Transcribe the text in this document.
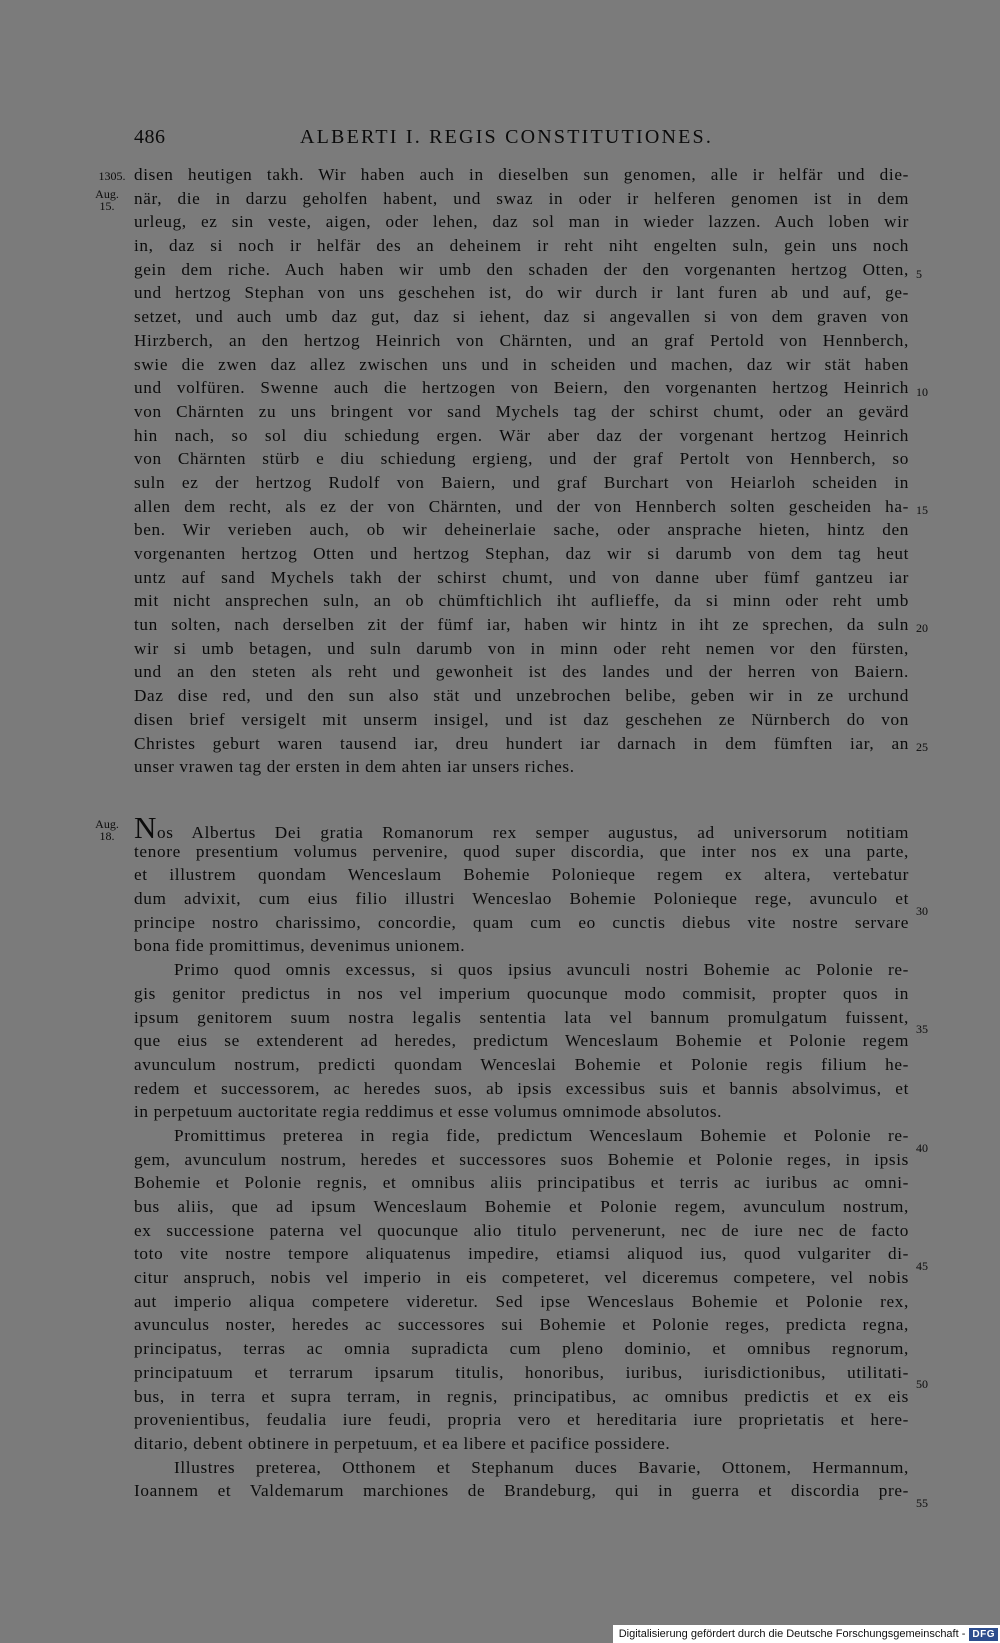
486	ALBERTI I. REGIS CONSTITUTIONES.
1305.
Aug. 15.
Aug. 18.
5
10
15
20
25
30
35
40
45
50
55
disen heutigen takh. Wir haben auch in dieselben sun genomen, alle ir helfär und die-
när, die in darzu geholfen habent, und swaz in oder ir helferen genomen ist in dem
urleug, ez sin veste, aigen, oder lehen, daz sol man in wieder lazzen. Auch loben wir
in, daz si noch ir helfär des an deheinem ir reht niht engelten suln, gein uns noch
gein dem riche. Auch haben wir umb den schaden der den vorgenanten hertzog Otten,
und hertzog Stephan von uns geschehen ist, do wir durch ir lant furen ab und auf, ge-
setzet, und auch umb daz gut, daz si iehent, daz si angevallen si von dem graven von
Hirzberch, an den hertzog Heinrich von Chärnten, und an graf Pertold von Hennberch,
swie die zwen daz allez zwischen uns und in scheiden und machen, daz wir stät haben
und volfüren. Swenne auch die hertzogen von Beiern, den vorgenanten hertzog Heinrich
von Chärnten zu uns bringent vor sand Mychels tag der schirst chumt, oder an gevärd
hin nach, so sol diu schiedung ergen. Wär aber daz der vorgenant hertzog Heinrich
von Chärnten stürb e diu schiedung ergieng, und der graf Pertolt von Hennberch, so
suln ez der hertzog Rudolf von Baiern, und graf Burchart von Heiarloh scheiden in
allen dem recht, als ez der von Chärnten, und der von Hennberch solten gescheiden ha-
ben. Wir verieben auch, ob wir deheinerlaie sache, oder ansprache hieten, hintz den
vorgenanten hertzog Otten und hertzog Stephan, daz wir si darumb von dem tag heut
untz auf sand Mychels takh der schirst chumt, und von danne uber fümf gantzeu iar
mit nicht ansprechen suln, an ob chümftichlich iht auflieffe, da si minn oder reht umb
tun solten, nach derselben zit der fümf iar, haben wir hintz in iht ze sprechen, da suln
wir si umb betagen, und suln darumb von in minn oder reht nemen vor den fürsten,
und an den steten als reht und gewonheit ist des landes und der herren von Baiern.
Daz dise red, und den sun also stät und unzebrochen belibe, geben wir in ze urchund
disen brief versigelt mit unserm insigel, und ist daz geschehen ze Nürnberch do von
Christes geburt waren tausend iar, dreu hundert iar darnach in dem fümften iar, an
unser vrawen tag der ersten in dem ahten iar unsers riches.
Nos Albertus Dei gratia Romanorum rex semper augustus, ad universorum notitiam
tenore presentium volumus pervenire, quod super discordia, que inter nos ex una parte,
et illustrem quondam Wenceslaum Bohemie Polonieque regem ex altera, vertebatur
dum advixit, cum eius filio illustri Wenceslao Bohemie Polonieque rege, avunculo et
principe nostro charissimo, concordie, quam cum eo cunctis diebus vite nostre servare
bona fide promittimus, devenimus unionem.
Primo quod omnis excessus, si quos ipsius avunculi nostri Bohemie ac Polonie re-
gis genitor predictus in nos vel imperium quocunque modo commisit, propter quos in
ipsum genitorem suum nostra legalis sententia lata vel bannum promulgatum fuissent,
que eius se extenderent ad heredes, predictum Wenceslaum Bohemie et Polonie regem
avunculum nostrum, predicti quondam Wenceslai Bohemie et Polonie regis filium he-
redem et successorem, ac heredes suos, ab ipsis excessibus suis et bannis absolvimus, et
in perpetuum auctoritate regia reddimus et esse volumus omnimode absolutos.
Promittimus preterea in regia fide, predictum Wenceslaum Bohemie et Polonie re-
gem, avunculum nostrum, heredes et successores suos Bohemie et Polonie reges, in ipsis
Bohemie et Polonie regnis, et omnibus aliis principatibus et terris ac iuribus ac omni-
bus aliis, que ad ipsum Wenceslaum Bohemie et Polonie regem, avunculum nostrum,
ex successione paterna vel quocunque alio titulo pervenerunt, nec de iure nec de facto
toto vite nostre tempore aliquatenus impedire, etiamsi aliquod ius, quod vulgariter di-
citur anspruch, nobis vel imperio in eis competeret, vel diceremus competere, vel nobis
aut imperio aliqua competere videretur. Sed ipse Wenceslaus Bohemie et Polonie rex,
avunculus noster, heredes ac successores sui Bohemie et Polonie reges, predicta regna,
principatus, terras ac omnia supradicta cum pleno dominio, et omnibus regnorum,
principatuum et terrarum ipsarum titulis, honoribus, iuribus, iurisdictionibus, utilitati-
bus, in terra et supra terram, in regnis, principatibus, ac omnibus predictis et ex eis
provenientibus, feudalia iure feudi, propria vero et hereditaria iure proprietatis et here-
ditario, debent obtinere in perpetuum, et ea libere et pacifice possidere.
Illustres preterea, Otthonem et Stephanum duces Bavarie, Ottonem, Hermannum,
Ioannem et Valdemarum marchiones de Brandeburg, qui in guerra et discordia pre-
Digitalisierung gefördert durch die Deutsche Forschungsgemeinschaft - DFG
